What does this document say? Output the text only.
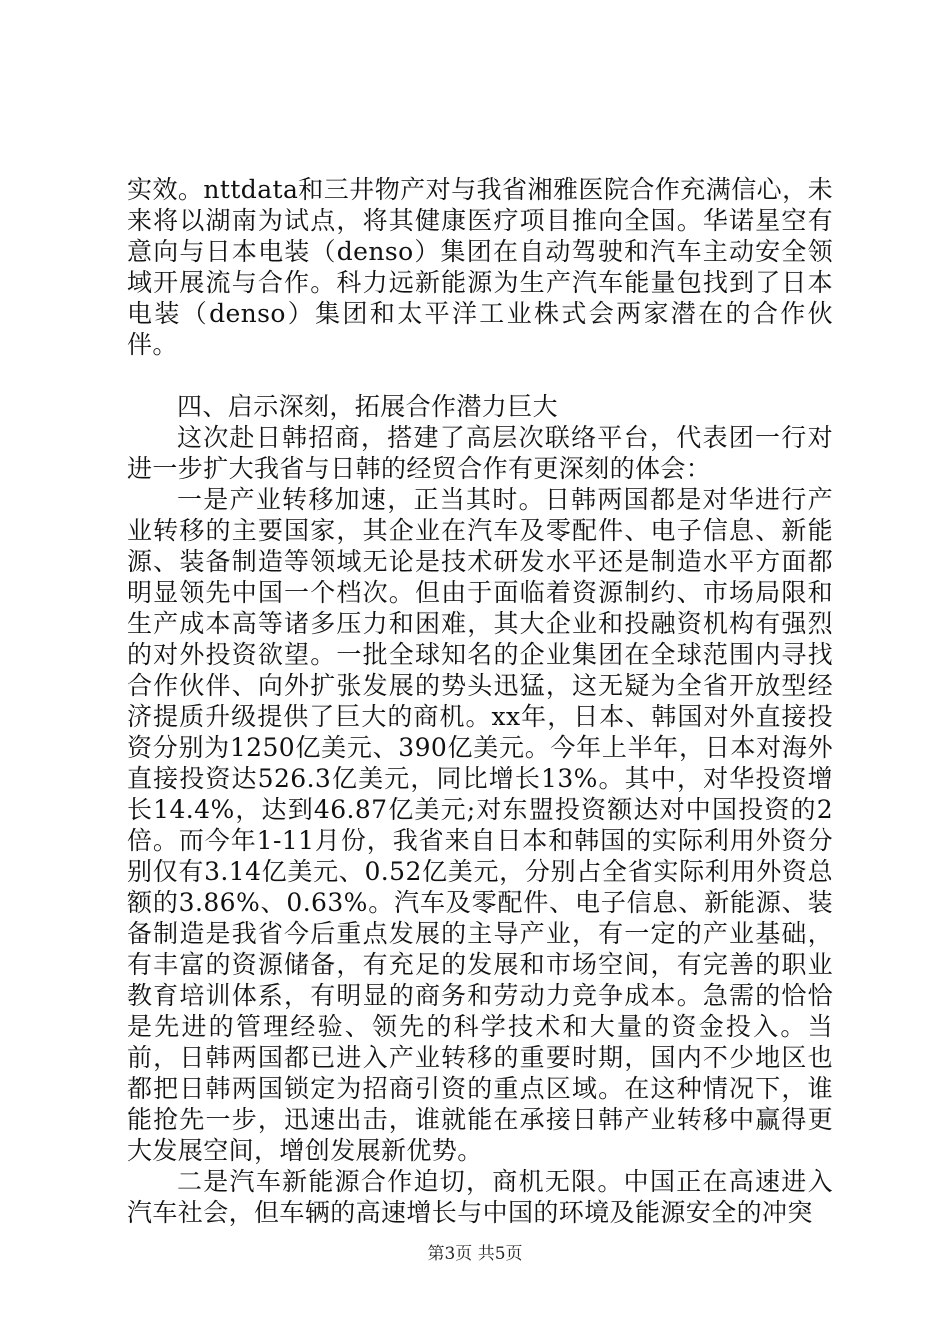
实效。nttdata和三井物产对与我省湘雅医院合作充满信心，未来将以湖南为试点，将其健康医疗项目推向全国。华诺星空有意向与日本电装（denso）集团在自动驾驶和汽车主动安全领域开展流与合作。科力远新能源为生产汽车能量包找到了日本电装（denso）集团和太平洋工业株式会两家潜在的合作伙伴。

四、启示深刻，拓展合作潜力巨大

这次赴日韩招商，搭建了高层次联络平台，代表团一行对进一步扩大我省与日韩的经贸合作有更深刻的体会：

一是产业转移加速，正当其时。日韩两国都是对华进行产业转移的主要国家，其企业在汽车及零配件、电子信息、新能源、装备制造等领域无论是技术研发水平还是制造水平方面都明显领先中国一个档次。但由于面临着资源制约、市场局限和生产成本高等诸多压力和困难，其大企业和投融资机构有强烈的对外投资欲望。一批全球知名的企业集团在全球范围内寻找合作伙伴、向外扩张发展的势头迅猛，这无疑为全省开放型经济提质升级提供了巨大的商机。xx年，日本、韩国对外直接投资分别为1250亿美元、390亿美元。今年上半年，日本对海外直接投资达526.3亿美元，同比增长13%。其中，对华投资增长14.4%，达到46.87亿美元;对东盟投资额达对中国投资的2倍。而今年1-11月份，我省来自日本和韩国的实际利用外资分别仅有3.14亿美元、0.52亿美元，分别占全省实际利用外资总额的3.86%、0.63%。汽车及零配件、电子信息、新能源、装备制造是我省今后重点发展的主导产业，有一定的产业基础，有丰富的资源储备，有充足的发展和市场空间，有完善的职业教育培训体系，有明显的商务和劳动力竞争成本。急需的恰恰是先进的管理经验、领先的科学技术和大量的资金投入。当前，日韩两国都已进入产业转移的重要时期，国内不少地区也都把日韩两国锁定为招商引资的重点区域。在这种情况下，谁能抢先一步，迅速出击，谁就能在承接日韩产业转移中赢得更大发展空间，增创发展新优势。

二是汽车新能源合作迫切，商机无限。中国正在高速进入汽车社会，但车辆的高速增长与中国的环境及能源安全的冲突

第3页 共5页
